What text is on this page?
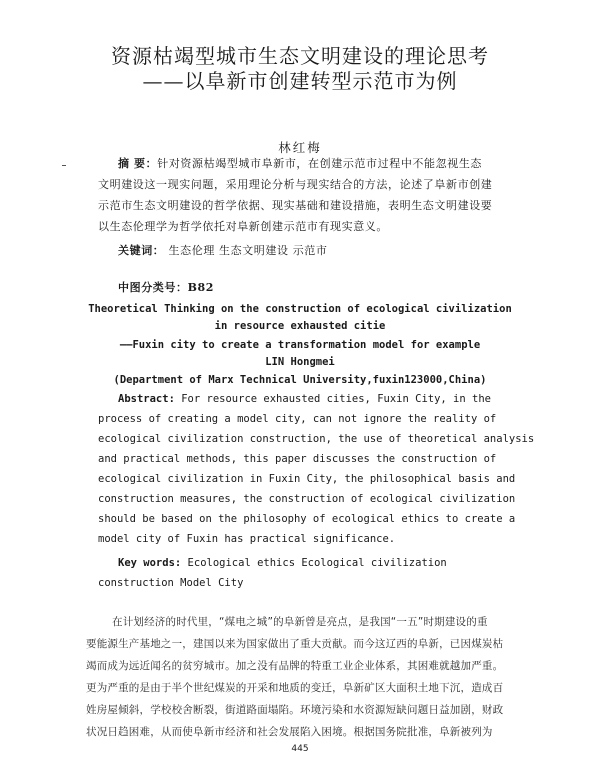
资源枯竭型城市生态文明建设的理论思考
——以阜新市创建转型示范市为例
林红梅
摘 要：针对资源枯竭型城市阜新市，在创建示范市过程中不能忽视生态
文明建设这一现实问题，采用理论分析与现实结合的方法，论述了阜新市创建
示范市生态文明建设的哲学依据、现实基础和建设措施，表明生态文明建设要
以生态伦理学为哲学依托对阜新创建示范市有现实意义。
关键词： 生态伦理 生态文明建设 示范市
中图分类号：B82
Theoretical Thinking on the construction of ecological civilization
in resource exhausted citie
——Fuxin city to create a transformation model for example
LIN Hongmei
(Department of Marx Technical University,fuxin123000,China)
Abstract: For resource exhausted cities, Fuxin City, in the
process of creating a model city, can not ignore the reality of
ecological civilization construction, the use of theoretical analysis
and practical methods, this paper discusses the construction of
ecological civilization in Fuxin City, the philosophical basis and
construction measures, the construction of ecological civilization
should be based on the philosophy of ecological ethics to create a
model city of Fuxin has practical significance.
Key words: Ecological ethics Ecological civilization
construction Model City
在计划经济的时代里，“煤电之城”的阜新曾是亮点，是我国“一五”时期建设的重
要能源生产基地之一，建国以来为国家做出了重大贡献。而今这辽西的阜新，已因煤炭枯
竭而成为远近闻名的贫穷城市。加之没有品牌的特重工业企业体系，其困难就越加严重。
更为严重的是由于半个世纪煤炭的开采和地质的变迁，阜新矿区大面积土地下沉，造成百
姓房屋倾斜，学校校舍断裂，街道路面塌陷。环境污染和水资源短缺问题日益加剧，财政
状况日趋困难，从而使阜新市经济和社会发展陷入困境。根据国务院批准，阜新被列为
445
